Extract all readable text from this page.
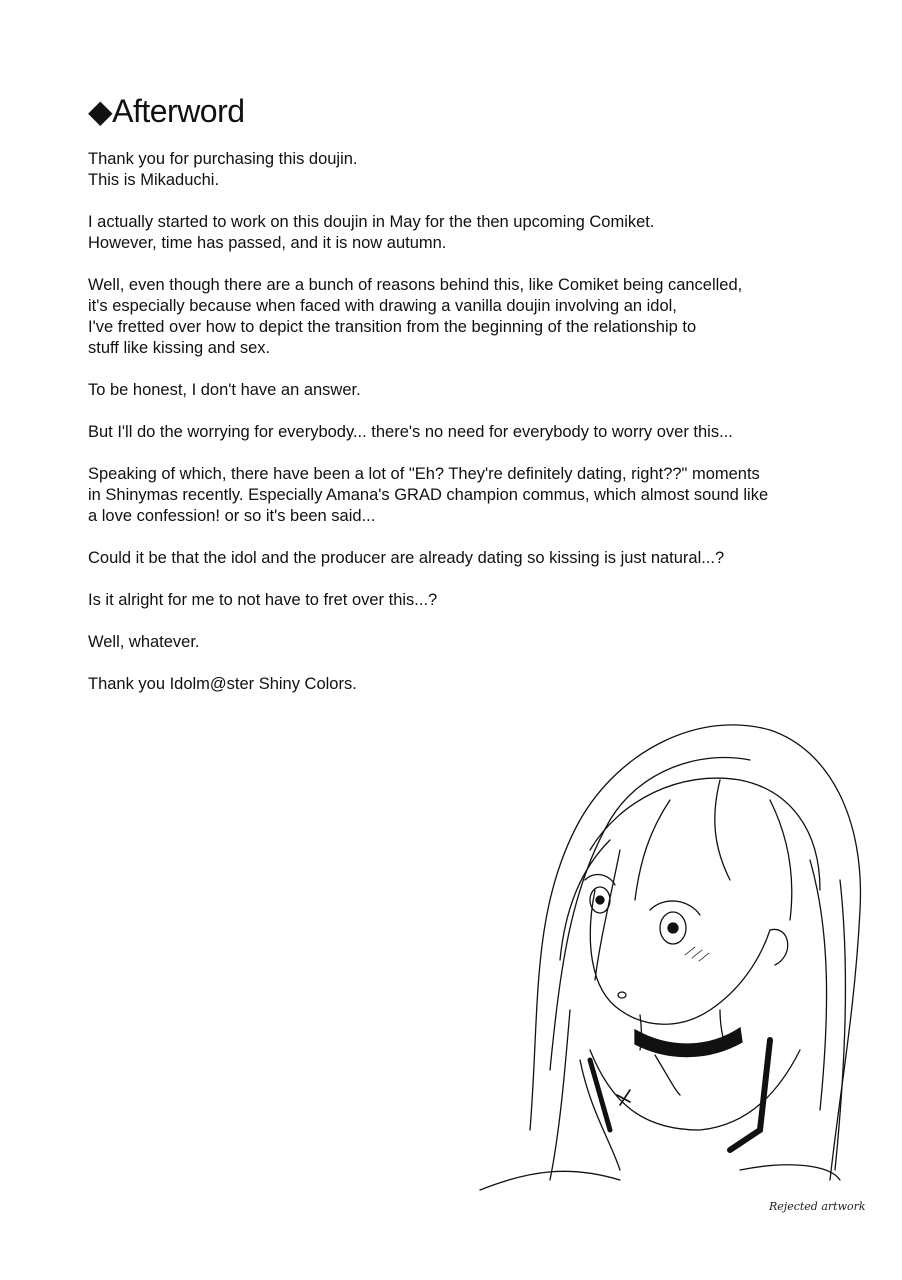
◆Afterword

Thank you for purchasing this doujin.
This is Mikaduchi.

I actually started to work on this doujin in May for the then upcoming Comiket.
However, time has passed, and it is now autumn.

Well, even though there are a bunch of reasons behind this, like Comiket being cancelled,
it's especially because when faced with drawing a vanilla doujin involving an idol,
I've fretted over how to depict the transition from the beginning of the relationship to
stuff like kissing and sex.

To be honest, I don't have an answer.

But I'll do the worrying for everybody... there's no need for everybody to worry over this...

Speaking of which, there have been a lot of "Eh? They're definitely dating, right??" moments
in Shinymas recently. Especially Amana's GRAD champion commus, which almost sound like
a love confession! or so it's been said...

Could it be that the idol and the producer are already dating so kissing is just natural...?

Is it alright for me to not have to fret over this...?

Well, whatever.

Thank you Idolm@ster Shiny Colors.

Rejected artwork
